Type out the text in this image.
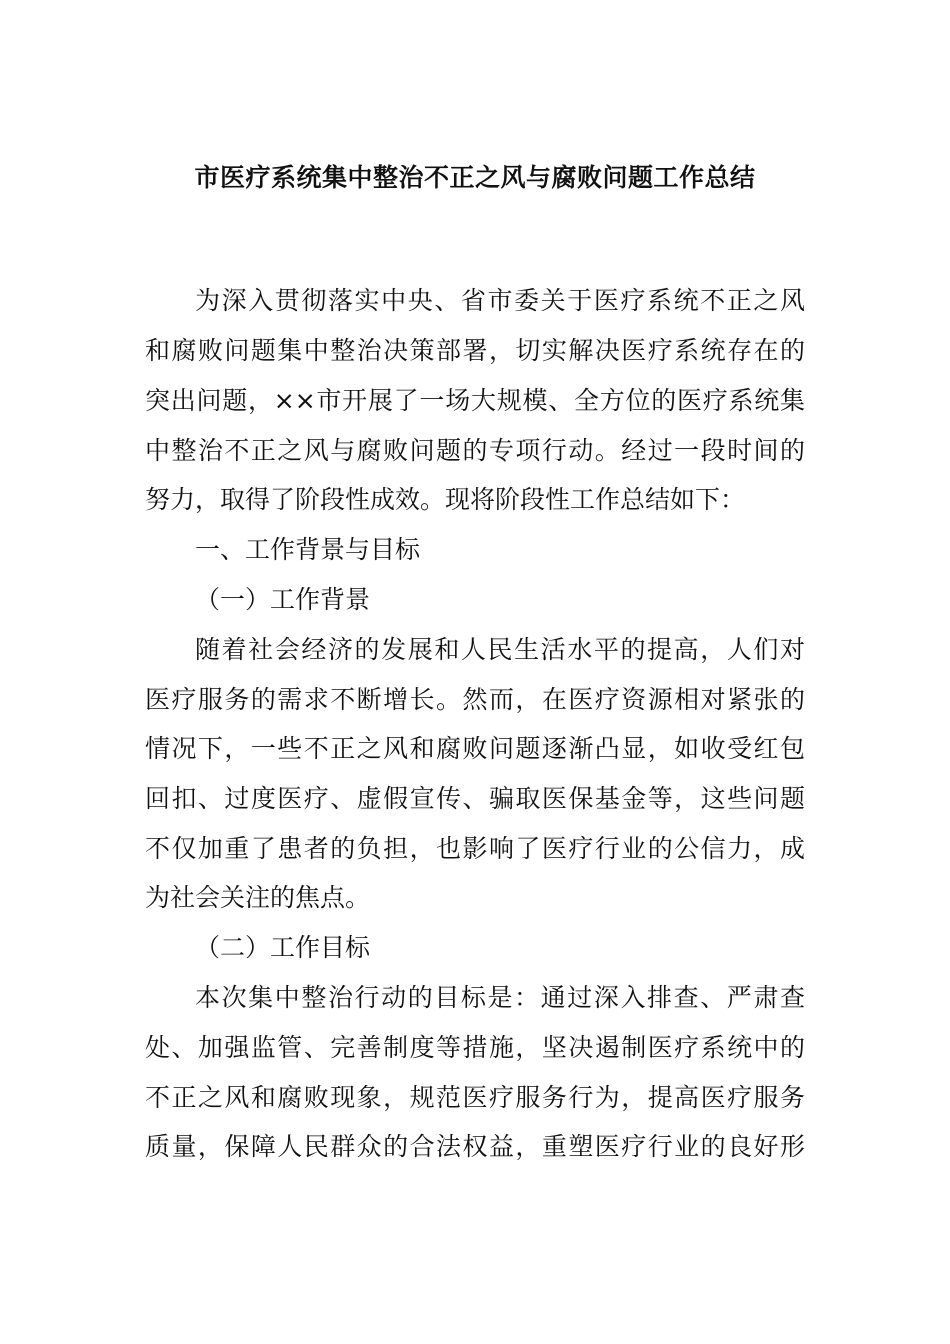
市医疗系统集中整治不正之风与腐败问题工作总结
为深入贯彻落实中央、省市委关于医疗系统不正之风
和腐败问题集中整治决策部署，切实解决医疗系统存在的
突出问题，××市开展了一场大规模、全方位的医疗系统集
中整治不正之风与腐败问题的专项行动。经过一段时间的
努力，取得了阶段性成效。现将阶段性工作总结如下：
一、工作背景与目标
（一）工作背景
随着社会经济的发展和人民生活水平的提高，人们对
医疗服务的需求不断增长。然而，在医疗资源相对紧张的
情况下，一些不正之风和腐败问题逐渐凸显，如收受红包
回扣、过度医疗、虚假宣传、骗取医保基金等，这些问题
不仅加重了患者的负担，也影响了医疗行业的公信力，成
为社会关注的焦点。
（二）工作目标
本次集中整治行动的目标是：通过深入排查、严肃查
处、加强监管、完善制度等措施，坚决遏制医疗系统中的
不正之风和腐败现象，规范医疗服务行为，提高医疗服务
质量，保障人民群众的合法权益，重塑医疗行业的良好形
